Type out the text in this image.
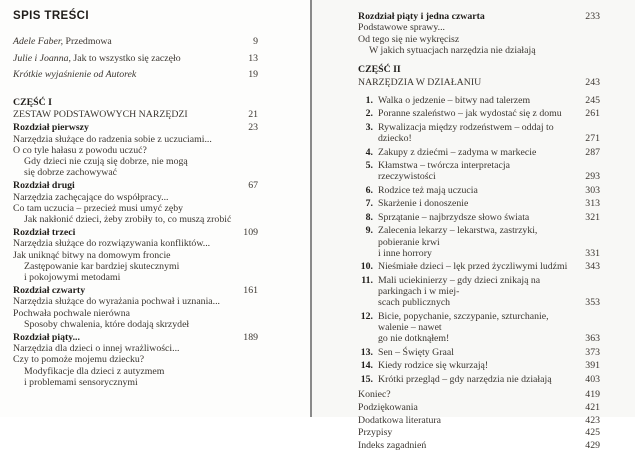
SPIS TREŚCI
Adele Faber, Przedmowa	9
Julie i Joanna, Jak to wszystko się zaczęło	13
Krótkie wyjaśnienie od Autorek	19
CZĘŚĆ I
ZESTAW PODSTAWOWYCH NARZĘDZI	21
Rozdział pierwszy	23
Narzędzia służące do radzenia sobie z uczuciami...
O co tyle hałasu z powodu uczuć?
Gdy dzieci nie czują się dobrze, nie mogą
się dobrze zachowywać
Rozdział drugi	67
Narzędzia zachęcające do współpracy...
Co tam uczucia – przecież musi umyć zęby
Jak nakłonić dzieci, żeby zrobiły to, co muszą zrobić
Rozdział trzeci	109
Narzędzia służące do rozwiązywania konfliktów...
Jak uniknąć bitwy na domowym froncie
Zastępowanie kar bardziej skutecznymi
i pokojowymi metodami
Rozdział czwarty	161
Narzędzia służące do wyrażania pochwał i uznania...
Pochwała pochwale nierówna
Sposoby chwalenia, które dodają skrzydeł
Rozdział piąty...	189
Narzędzia dla dzieci o innej wrażliwości...
Czy to pomoże mojemu dziecku?
Modyfikacje dla dzieci z autyzmem
i problemami sensorycznymi
Rozdział piąty i jedna czwarta	233
Podstawowe sprawy...
Od tego się nie wykręcisz
W jakich sytuacjach narzędzia nie działają
CZĘŚĆ II
NARZĘDZIA W DZIAŁANIU	243
1. Walka o jedzenie – bitwy nad talerzem	245
2. Poranne szaleństwo – jak wydostać się z domu	261
3. Rywalizacja między rodzeństwem – oddaj to dziecko!	271
4. Zakupy z dziećmi – zadyma w markecie	287
5. Kłamstwa – twórcza interpretacja rzeczywistości	293
6. Rodzice też mają uczucia	303
7. Skarżenie i donoszenie	313
8. Sprzątanie – najbrzydsze słowo świata	321
9. Zalecenia lekarzy – lekarstwa, zastrzyki, pobieranie krwi
i inne horrory	331
10. Nieśmiałe dzieci – lęk przed życzliwymi ludźmi 343
11. Mali uciekinierzy – gdy dzieci znikają na parkingach i w miej-
scach publicznych	353
12. Bicie, popychanie, szczypanie, szturchanie, walenie – nawet
go nie dotknąłem!	363
13. Sen – Święty Graal	373
14. Kiedy rodzice się wkurzają!	391
15. Krótki przegląd – gdy narzędzia nie działają	403
Koniec?	419
Podziękowania	421
Dodatkowa literatura	423
Przypisy	425
Indeks zagadnień	429
